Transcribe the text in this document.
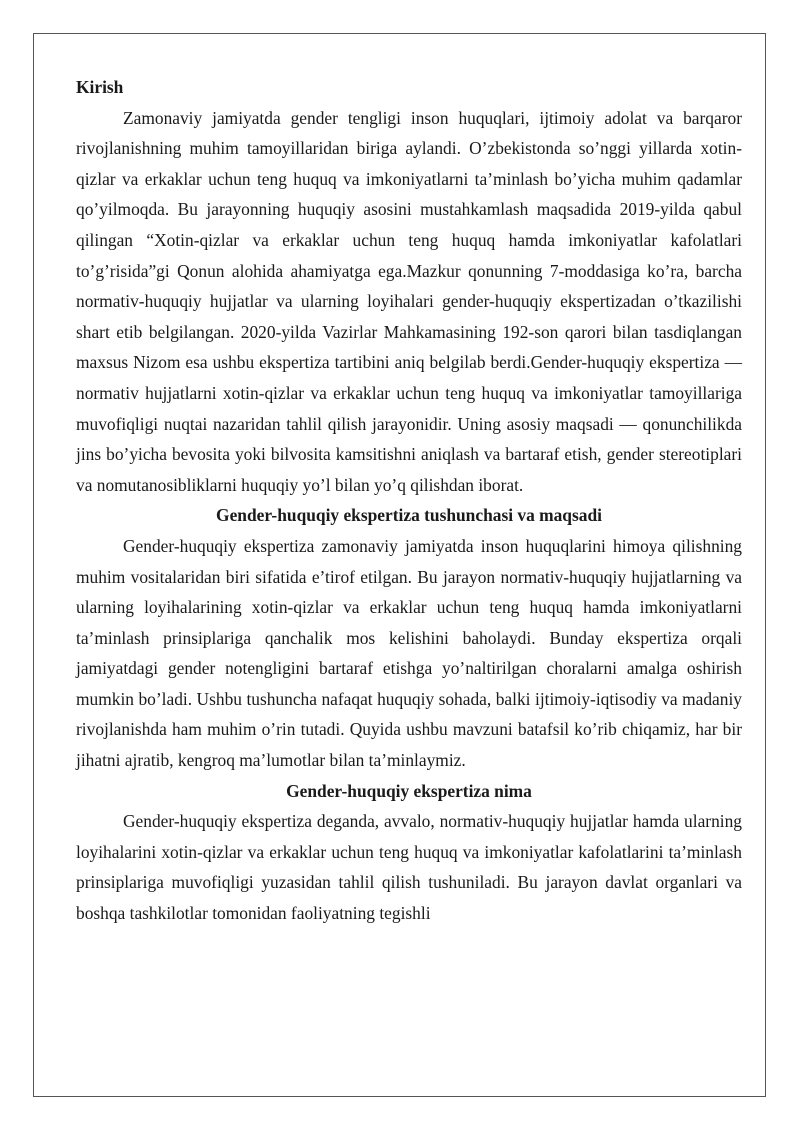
Kirish

Zamonaviy jamiyatda gender tengligi inson huquqlari, ijtimoiy adolat va barqaror rivojlanishning muhim tamoyillaridan biriga aylandi. O’zbekistonda so’nggi yillarda xotin-qizlar va erkaklar uchun teng huquq va imkoniyatlarni ta’minlash bo’yicha muhim qadamlar qo’yilmoqda. Bu jarayonning huquqiy asosini mustahkamlash maqsadida 2019-yilda qabul qilingan “Xotin-qizlar va erkaklar uchun teng huquq hamda imkoniyatlar kafolatlari to’g’risida”gi Qonun alohida ahamiyatga ega.Mazkur qonunning 7-moddasiga ko’ra, barcha normativ-huquqiy hujjatlar va ularning loyihalari gender-huquqiy ekspertizadan o’tkazilishi shart etib belgilangan. 2020-yilda Vazirlar Mahkamasining 192-son qarori bilan tasdiqlangan maxsus Nizom esa ushbu ekspertiza tartibini aniq belgilab berdi.Gender-huquqiy ekspertiza — normativ hujjatlarni xotin-qizlar va erkaklar uchun teng huquq va imkoniyatlar tamoyillariga muvofiqligi nuqtai nazaridan tahlil qilish jarayonidir. Uning asosiy maqsadi — qonunchilikda jins bo’yicha bevosita yoki bilvosita kamsitishni aniqlash va bartaraf etish, gender stereotiplari va nomutanosibliklarni huquqiy yo’l bilan yo’q qilishdan iborat.

Gender-huquqiy ekspertiza tushunchasi va maqsadi

Gender-huquqiy ekspertiza zamonaviy jamiyatda inson huquqlarini himoya qilishning muhim vositalaridan biri sifatida e’tirof etilgan. Bu jarayon normativ-huquqiy hujjatlarning va ularning loyihalarining xotin-qizlar va erkaklar uchun teng huquq hamda imkoniyatlarni ta’minlash prinsiplariga qanchalik mos kelishini baholaydi. Bunday ekspertiza orqali jamiyatdagi gender notengligini bartaraf etishga yo’naltirilgan choralarni amalga oshirish mumkin bo’ladi. Ushbu tushuncha nafaqat huquqiy sohada, balki ijtimoiy-iqtisodiy va madaniy rivojlanishda ham muhim o’rin tutadi. Quyida ushbu mavzuni batafsil ko’rib chiqamiz, har bir jihatni ajratib, kengroq ma’lumotlar bilan ta’minlaymiz.

Gender-huquqiy ekspertiza nima

Gender-huquqiy ekspertiza deganda, avvalo, normativ-huquqiy hujjatlar hamda ularning loyihalarini xotin-qizlar va erkaklar uchun teng huquq va imkoniyatlar kafolatlarini ta’minlash prinsiplariga muvofiqligi yuzasidan tahlil qilish tushuniladi. Bu jarayon davlat organlari va boshqa tashkilotlar tomonidan faoliyatning tegishli
